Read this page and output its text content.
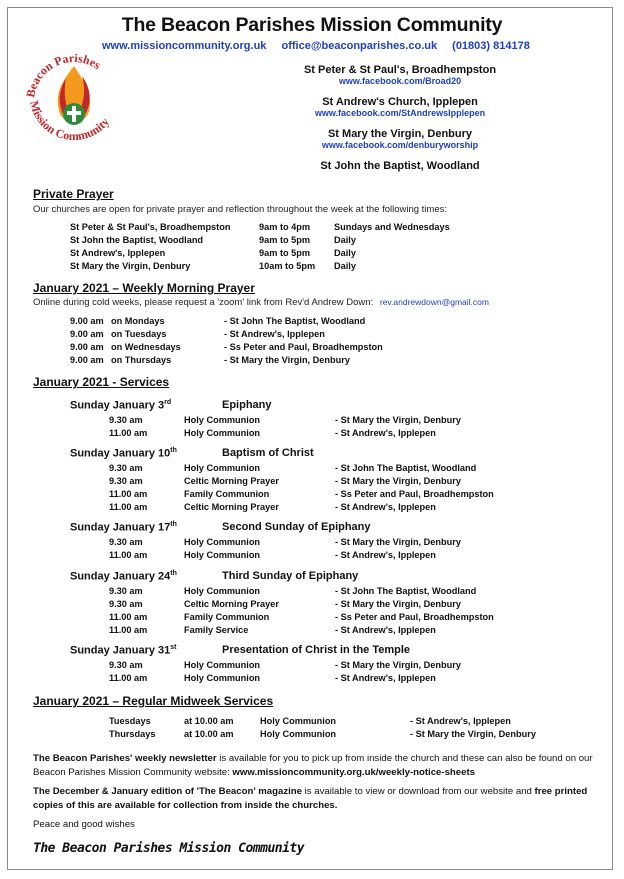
Beacon Parishes
Mission Community
The Beacon Parishes Mission Community
www.missioncommunity.org.uk office@beaconparishes.co.uk (01803) 814178
St Peter & St Paul's, Broadhempston
www.facebook.com/Broad20
St Andrew's Church, Ipplepen
www.facebook.com/StAndrewsIpplepen
St Mary the Virgin, Denbury
www.facebook.com/denburyworship
St John the Baptist, Woodland
Private Prayer
Our churches are open for private prayer and reflection throughout the week at the following times:
St Peter & St Paul's, Broadhempston	9am to 4pm	Sundays and Wednesdays
St John the Baptist, Woodland	9am to 5pm	Daily
St Andrew's, Ipplepen	9am to 5pm	Daily
St Mary the Virgin, Denbury	10am to 5pm Daily
January 2021 – Weekly Morning Prayer
Online during cold weeks, please request a 'zoom' link from Rev'd Andrew Down: rev.andrewdown@gmail.com
9.00 am on Mondays	- St John The Baptist, Woodland
9.00 am on Tuesdays	- St Andrew's, Ipplepen
9.00 am on Wednesdays	- Ss Peter and Paul, Broadhempston
9.00 am on Thursdays	- St Mary the Virgin, Denbury
January 2021 - Services
Sunday January 3rd	Epiphany
9.30 am	Holy Communion	- St Mary the Virgin, Denbury
11.00 am	Holy Communion	- St Andrew's, Ipplepen
Sunday January 10th	Baptism of Christ
9.30 am	Holy Communion	- St John The Baptist, Woodland
9.30 am	Celtic Morning Prayer	- St Mary the Virgin, Denbury
11.00 am	Family Communion	- Ss Peter and Paul, Broadhempston
11.00 am	Celtic Morning Prayer	- St Andrew's, Ipplepen
Sunday January 17th	Second Sunday of Epiphany
9.30 am	Holy Communion	- St Mary the Virgin, Denbury
11.00 am	Holy Communion	- St Andrew's, Ipplepen
Sunday January 24th	Third Sunday of Epiphany
9.30 am	Holy Communion	- St John The Baptist, Woodland
9.30 am	Celtic Morning Prayer	- St Mary the Virgin, Denbury
11.00 am	Family Communion	- Ss Peter and Paul, Broadhempston
11.00 am	Family Service	- St Andrew's, Ipplepen
Sunday January 31st	Presentation of Christ in the Temple
9.30 am	Holy Communion	- St Mary the Virgin, Denbury
11.00 am	Holy Communion	- St Andrew's, Ipplepen
January 2021 – Regular Midweek Services
Tuesdays	at 10.00 am	Holy Communion	- St Andrew's, Ipplepen
Thursdays	at 10.00 am	Holy Communion	- St Mary the Virgin, Denbury
The Beacon Parishes' weekly newsletter is available for you to pick up from inside the church and these can also be found on our Beacon Parishes Mission Community website: www.missioncommunity.org.uk/weekly-notice-sheets
The December & January edition of 'The Beacon' magazine is available to view or download from our website and free printed copies of this are available for collection from inside the churches.
Peace and good wishes
The Beacon Parishes Mission Community
